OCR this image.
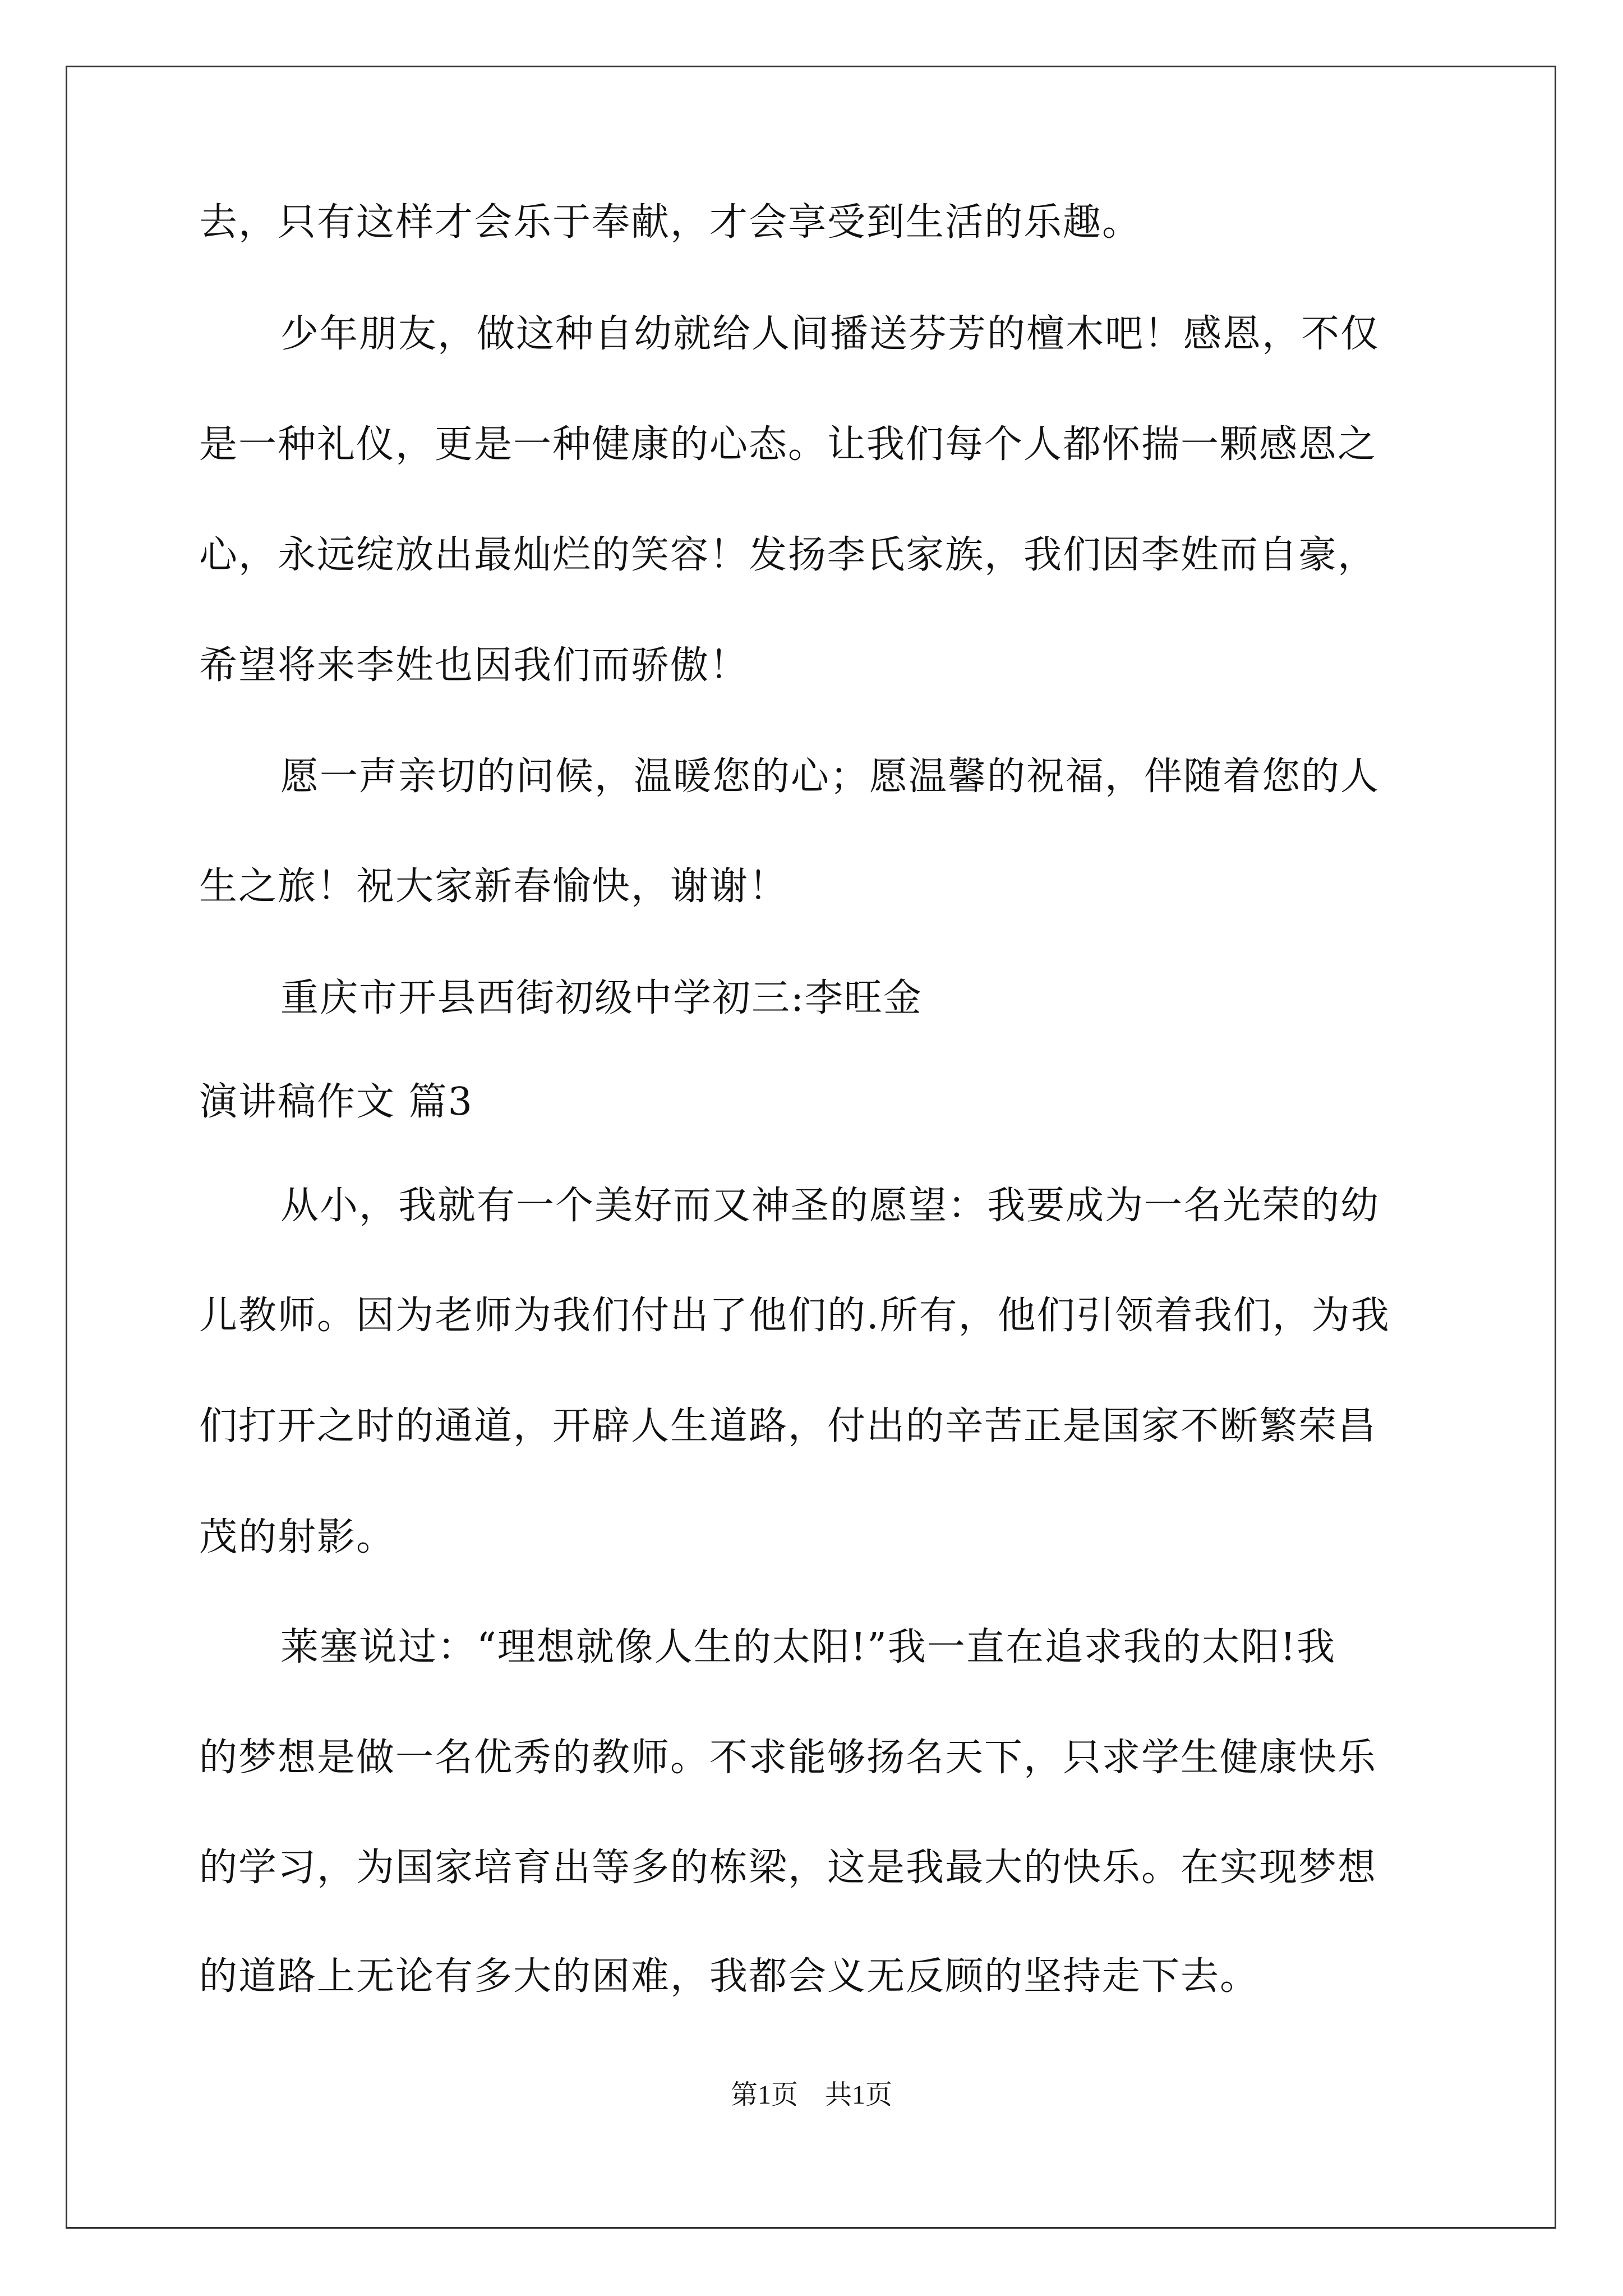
去，只有这样才会乐于奉献，才会享受到生活的乐趣。
少年朋友，做这种自幼就给人间播送芬芳的檀木吧！感恩，不仅
是一种礼仪，更是一种健康的心态。让我们每个人都怀揣一颗感恩之
心，永远绽放出最灿烂的笑容！发扬李氏家族，我们因李姓而自豪，
希望将来李姓也因我们而骄傲！
愿一声亲切的问候，温暖您的心；愿温馨的祝福，伴随着您的人
生之旅！祝大家新春愉快，谢谢！
重庆市开县西街初级中学初三:李旺金
演讲稿作文 篇3
从小，我就有一个美好而又神圣的愿望：我要成为一名光荣的幼
儿教师。因为老师为我们付出了他们的.所有，他们引领着我们，为我
们打开之时的通道，开辟人生道路，付出的辛苦正是国家不断繁荣昌
茂的射影。
莱塞说过：“理想就像人生的太阳!”我一直在追求我的太阳!我
的梦想是做一名优秀的教师。不求能够扬名天下，只求学生健康快乐
的学习，为国家培育出等多的栋梁，这是我最大的快乐。在实现梦想
的道路上无论有多大的困难，我都会义无反顾的坚持走下去。
第1页 共1页
